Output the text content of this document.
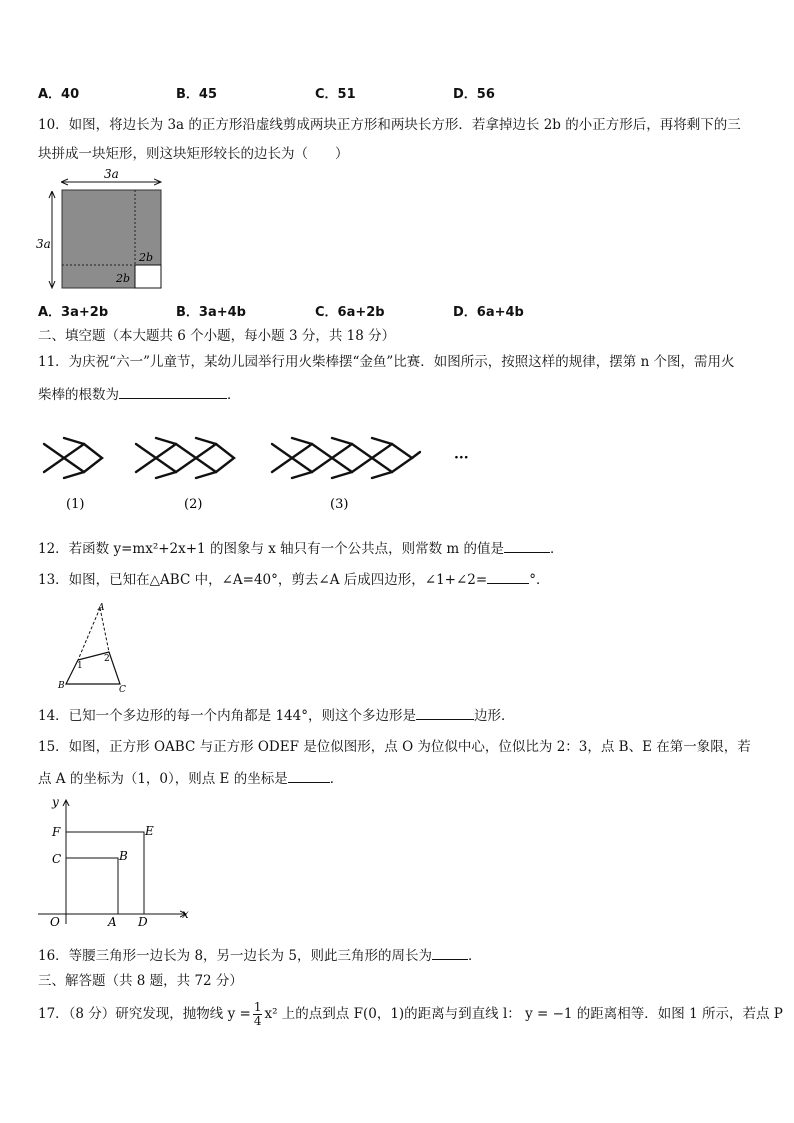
A．40	B．45	C．51	D．56
10．如图，将边长为 3a 的正方形沿虚线剪成两块正方形和两块长方形．若拿掉边长 2b 的小正方形后，再将剩下的三
块拼成一块矩形，则这块矩形较长的边长为（　　）
3a
3a
2b
2b
A．3a+2b	B．3a+4b	C．6a+2b	D．6a+4b
二、填空题（本大题共 6 个小题，每小题 3 分，共 18 分）
11．为庆祝“六一”儿童节，某幼儿园举行用火柴棒摆“金鱼”比赛．如图所示，按照这样的规律，摆第 n 个图，需用火
柴棒的根数为	．
(1)	(2)	(3)
···
12．若函数 y=mx²+2x+1 的图象与 x 轴只有一个公共点，则常数 m 的值是	．
13．如图，已知在△ABC 中，∠A=40°，剪去∠A 后成四边形，∠1+∠2=	°．
A
B	C
1
2
14．已知一个多边形的每一个内角都是 144°，则这个多边形是	边形．
15．如图，正方形 OABC 与正方形 ODEF 是位似图形，点 O 为位似中心，位似比为 2：3，点 B、E 在第一象限，若
点 A 的坐标为（1，0），则点 E 的坐标是	．
y
x
O	A D
C	B
F	E
16．等腰三角形一边长为 8，另一边长为 5，则此三角形的周长为	．
三、解答题（共 8 题，共 72 分）
17．（8 分）研究发现，抛物线 $y = \frac{1}{4} x^2$ 上的点到点 F(0，1)的距离与到直线 l： y = −1 的距离相等．如图 1 所示，若点 P
